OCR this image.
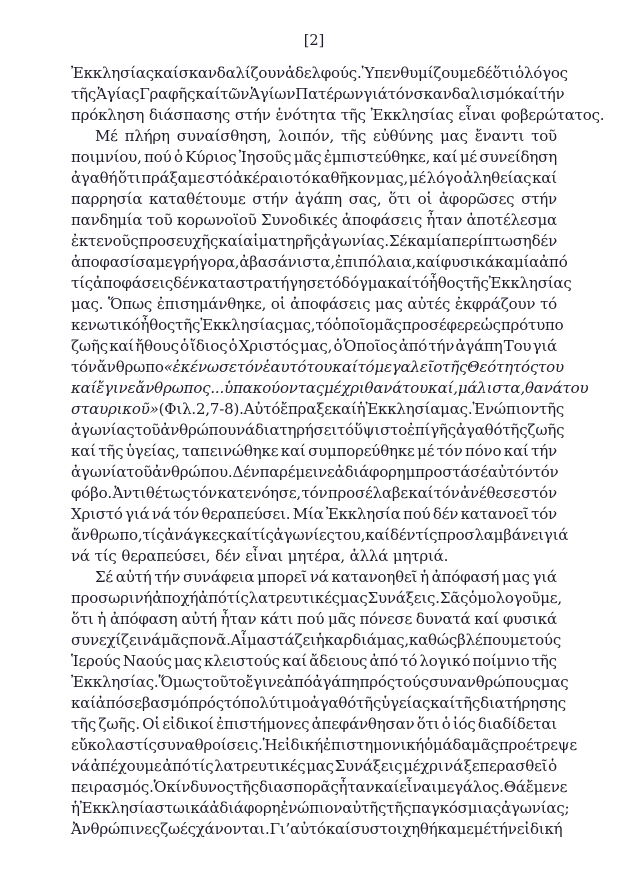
[2]
Ἐκκλησίας καί σκανδαλίζουν ἀδελφούς. Ὑπενθυμίζουμε δέ ὅτι ὁ λόγος
τῆς Ἁγίας Γραφῆς καί τῶν Ἁγίων Πατέρων γιά τόν σκανδαλισμό καί τήν
πρόκληση διάσπασης στήν ἑνότητα τῆς Ἐκκλησίας εἶναι φοβερώτατος.
Μέ πλήρη συναίσθηση, λοιπόν, τῆς εὐθύνης μας ἔναντι τοῦ
ποιμνίου, πού ὁ Κύριος Ἰησοῦς μᾶς ἐμπιστεύθηκε, καί μέ συνείδηση
ἀγαθή ὅτι πράξαμε στό ἀκέραιο τό καθῆκον μας, μέ λόγο ἀληθείας καί
παρρησία καταθέτουμε στήν ἀγάπη σας, ὅτι οἱ ἀφορῶσες στήν
πανδημία τοῦ κορωνοϊοῦ Συνοδικές ἀποφάσεις ἦταν ἀποτέλεσμα
ἐκτενοῦς προσευχῆς καί αἱματηρῆς ἀγωνίας. Σέ καμία περίπτωση δέν
ἀποφασίσαμε γρήγορα, ἀβασάνιστα, ἐπιπόλαια, καί φυσικά καμία ἀπό
τίς ἀποφάσεις δέν καταστρατήγησε τό δόγμα καί τό ἦθος τῆς Ἐκκλησίας
μας. Ὅπως ἐπισημάνθηκε, οἱ ἀποφάσεις μας αὐτές ἐκφράζουν τό
κενωτικό ἦθος τῆς Ἐκκλησίας μας, τό ὁποῖο μᾶς προσέφερε ὡς πρότυπο
ζωῆς καί ἤθους ὁ ἴδιος ὁ Χριστός μας, ὁ Ὁποῖος ἀπό τήν ἀγάπη Του γιά
τόν ἄνθρωπο «ἐκένωσε τόν ἑαυτό του καί τό μεγαλεῖο τῆς Θεότητός του
καί ἔγινε ἄνθρωπος... ὑπακούοντας μέχρι θανάτου καί, μάλιστα, θανάτου
σταυρικοῦ» (Φιλ. 2, 7-8). Αὐτό ἔπραξε καί ἡ Ἐκκλησία μας. Ἐνώπιον τῆς
ἀγωνίας τοῦ ἀνθρώπου νά διατηρήσει τό ὕψιστο ἐπί γῆς ἀγαθό τῆς ζωῆς
καί τῆς ὑγείας, ταπεινώθηκε καί συμπορεύθηκε μέ τόν πόνο καί τήν
ἀγωνία τοῦ ἀνθρώπου. Δέν παρέμεινε ἀδιάφορη μπροστά σέ αὐτόν τόν
φόβο. Ἀντιθέτως τόν κατενόησε, τόν προσέλαβε καί τόν ἀνέθεσε στόν
Χριστό γιά νά τόν θεραπεύσει. Μία Ἐκκλησία πού δέν κατανοεῖ τόν
ἄνθρωπο, τίς ἀνάγκες καί τίς ἀγωνίες του, καί δέν τίς προσλαμβάνει γιά
νά τίς θεραπεύσει, δέν εἶναι μητέρα, ἀλλά μητριά.
Σέ αὐτή τήν συνάφεια μπορεῖ νά κατανοηθεῖ ἡ ἀπόφασή μας γιά
προσωρινή ἀποχή ἀπό τίς λατρευτικές μας Συνάξεις. Σᾶς ὁμολογοῦμε,
ὅτι ἡ ἀπόφαση αὐτή ἦταν κάτι πού μᾶς πόνεσε δυνατά καί φυσικά
συνεχίζει νά μᾶς πονᾶ. Αἷμα στάζει ἡ καρδιά μας, καθώς βλέπουμε τούς
Ἱερούς Ναούς μας κλειστούς καί ἄδειους ἀπό τό λογικό ποίμνιο τῆς
Ἐκκλησίας. Ὅμως τοῦτο ἔγινε ἀπό ἀγάπη πρός τούς συνανθρώπους μας
καί ἀπό σεβασμό πρός τό πολύτιμο ἀγαθό τῆς ὑγείας καί τῆς διατήρησης
τῆς ζωῆς. Οἱ εἰδικοί ἐπιστήμονες ἀπεφάνθησαν ὅτι ὁ ἰός διαδίδεται
εὔκολα στίς συναθροίσεις. Ἡ εἰδική ἐπιστημονική ὁμάδα μᾶς προέτρεψε
νά ἀπέχουμε ἀπό τίς λατρευτικές μας Συνάξεις μέχρι νά ξεπερασθεῖ ὁ
πειρασμός. Ὁ κίνδυνος τῆς διασπορᾶς ἦταν καί εἶναι μεγάλος. Θά ἔμενε
ἡ Ἐκκλησία στωικά ἀδιάφορη ἐνώπιον αὐτῆς τῆς παγκόσμιας ἀγωνίας;
Ἀνθρώπινες ζωές χάνονται. Γι’ αὐτό καί συστοιχηθήκαμε μέ τήν εἰδική
